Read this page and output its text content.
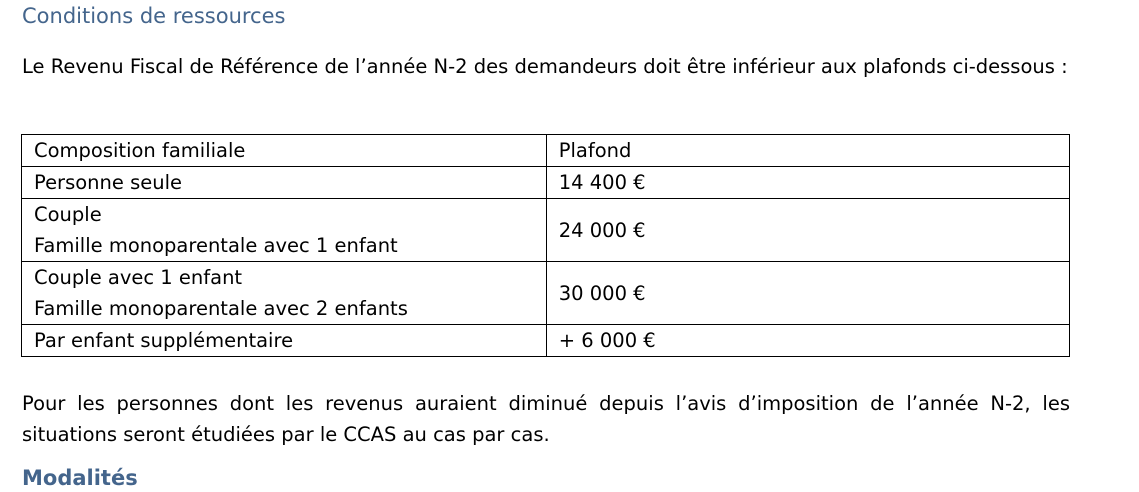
Conditions de ressources

Le Revenu Fiscal de Référence de l’année N-2 des demandeurs doit être inférieur aux plafonds ci-dessous :

Composition familiale	Plafond

Personne seule	14 400 €

Couple
Famille monoparentale avec 1 enfant	24 000 €

Couple avec 1 enfant
Famille monoparentale avec 2 enfants	30 000 €

Par enfant supplémentaire	+ 6 000 €

Pour les personnes dont les revenus auraient diminué depuis l’avis d’imposition de l’année N-2, les situations seront étudiées par le CCAS au cas par cas.

Modalités
